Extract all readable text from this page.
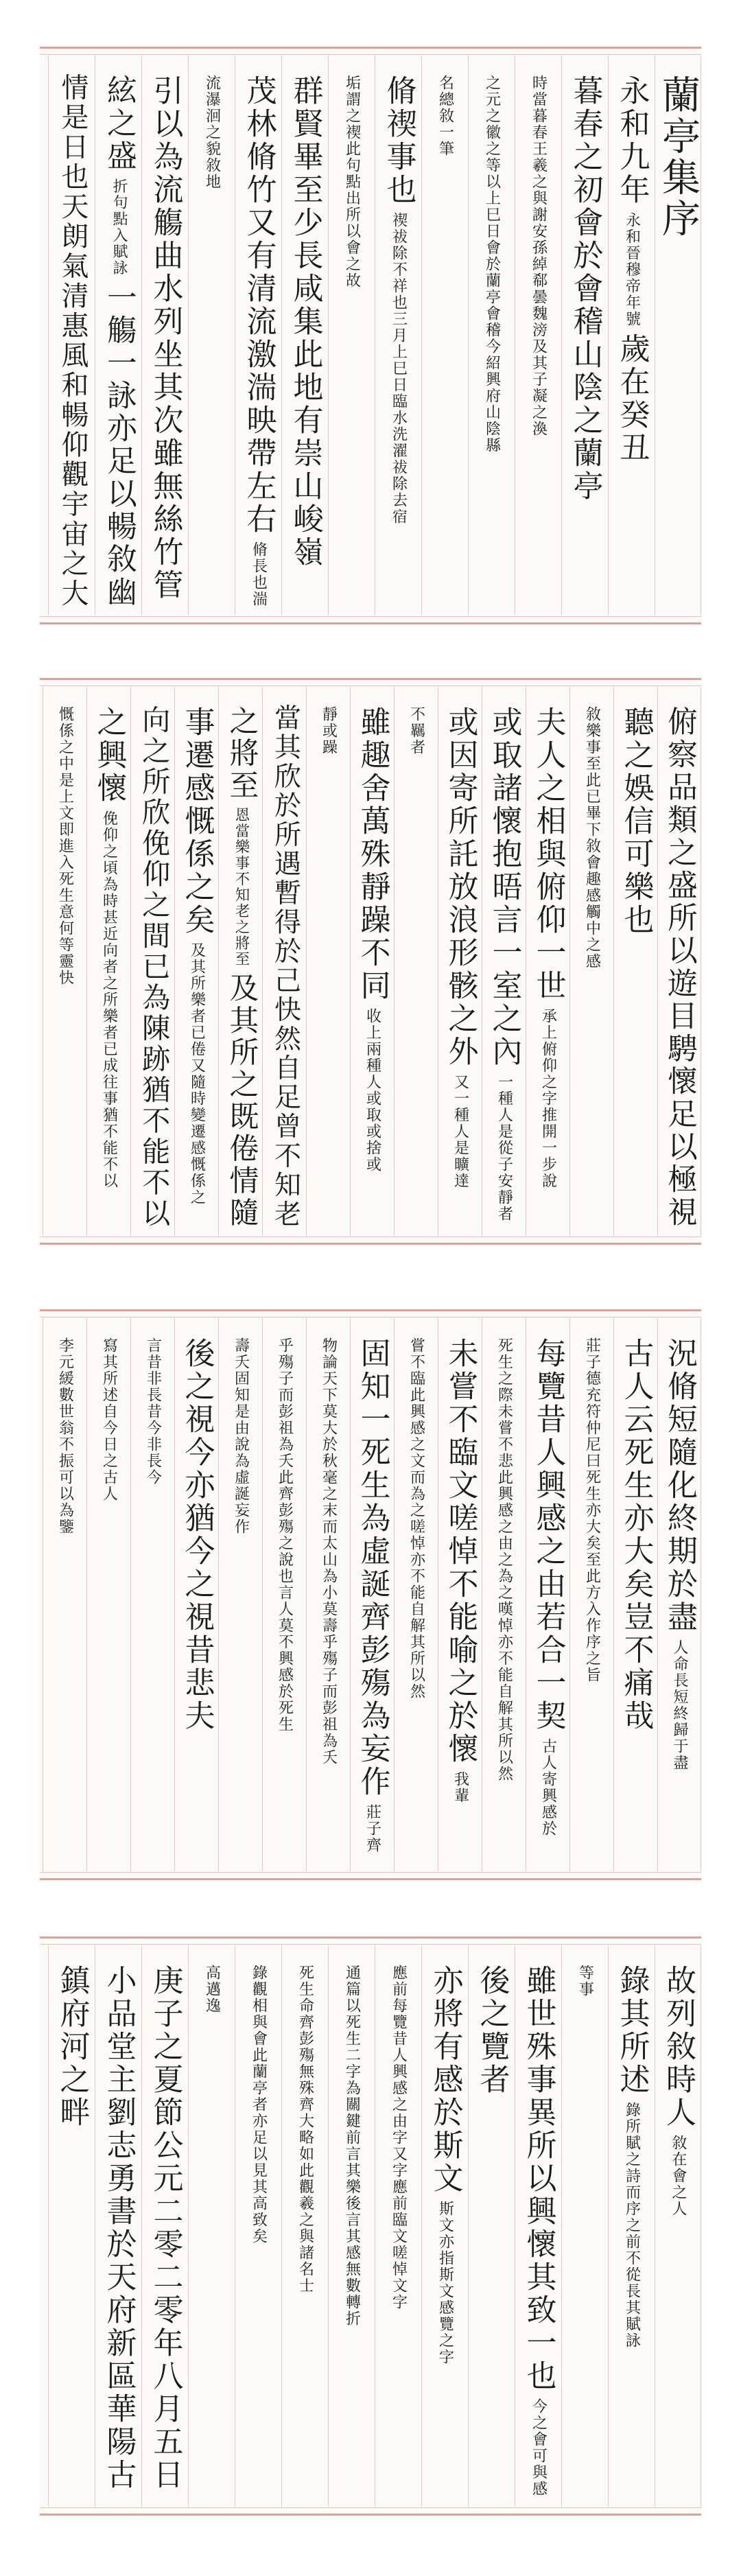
蘭亭集序
永和九年
永和晉穆帝年號
歲在癸丑
暮春之初會於會稽山陰之蘭亭
時當暮春王羲之與謝安孫綽郗曇魏滂及其子凝之渙
之元之徽之等以上巳日會於蘭亭會稽今紹興府山陰縣
名總敘一筆
脩禊事也
禊祓除不祥也三月上巳日臨水洗濯祓除去宿
垢謂之禊此句點出所以會之故
群賢畢至少長咸集此地有崇山峻嶺
茂林脩竹又有清流激湍映帶左右
脩長也湍
流瀑洄之貌敘地
引以為流觴曲水列坐其次雖無絲竹管
絃之盛
折句點入賦詠
一觴一詠亦足以暢敘幽
情是日也天朗氣清惠風和暢仰觀宇宙之大
俯察品類之盛所以遊目騁懷足以極視
聽之娛信可樂也
敘樂事至此已畢下敘會趣感觸中之感
夫人之相與俯仰一世
承上俯仰之字推開一步說
或取諸懷抱晤言一室之內
一種人是從子安靜者
或因寄所託放浪形骸之外
又一種人是曠達
不羈者
雖趣舍萬殊靜躁不同
收上兩種人或取或捨或
靜或躁
當其欣於所遇暫得於己快然自足曾不知老
之將至
恩當樂事不知老之將至
及其所之既倦情隨
事遷感慨係之矣
及其所樂者已倦又隨時變遷感慨係之
向之所欣俛仰之間已為陳跡猶不能不以
之興懷
俛仰之頃為時甚近向者之所樂者已成往事猶不能不以
慨係之中是上文即進入死生意何等靈快
況脩短隨化終期於盡
人命長短終歸于盡
古人云死生亦大矣豈不痛哉
莊子德充符仲尼曰死生亦大矣至此方入作序之旨
每覽昔人興感之由若合一契
古人寄興感於
死生之際未嘗不悲此興感之由之為之嘆悼亦不能自解其所以然
未嘗不臨文嗟悼不能喻之於懷
我輩
嘗不臨此興感之文而為之嗟悼亦不能自解其所以然
固知一死生為虛誕齊彭殤為妄作
莊子齊
物論天下莫大於秋毫之末而太山為小莫壽乎殤子而彭祖為夭
乎殤子而彭祖為夭此齊彭殤之說也言人莫不興感於死生
壽夭固知是由說為虛誕妄作
後之視今亦猶今之視昔悲夫
言昔非長昔今非長今
寫其所述自今日之古人
李元緩數世翁不振可以為鑒
故列敘時人
敘在會之人
錄其所述
錄所賦之詩而序之前不從長其賦詠
等事
雖世殊事異所以興懷其致一也
今之會可與感
後之覽者
亦將有感於斯文
斯文亦指斯文感覽之字
應前每覽昔人興感之由字又字應前臨文嗟悼文字
通篇以死生二字為關鍵前言其樂後言其感無數轉折
死生命齊彭殤無殊齊大略如此觀羲之與諸名士
錄觀相與會此蘭亭者亦足以見其高致矣
高邁逸
庚子之夏節公元二零二零年八月五日
小品堂主劉志勇書於天府新區華陽古
鎮府河之畔
